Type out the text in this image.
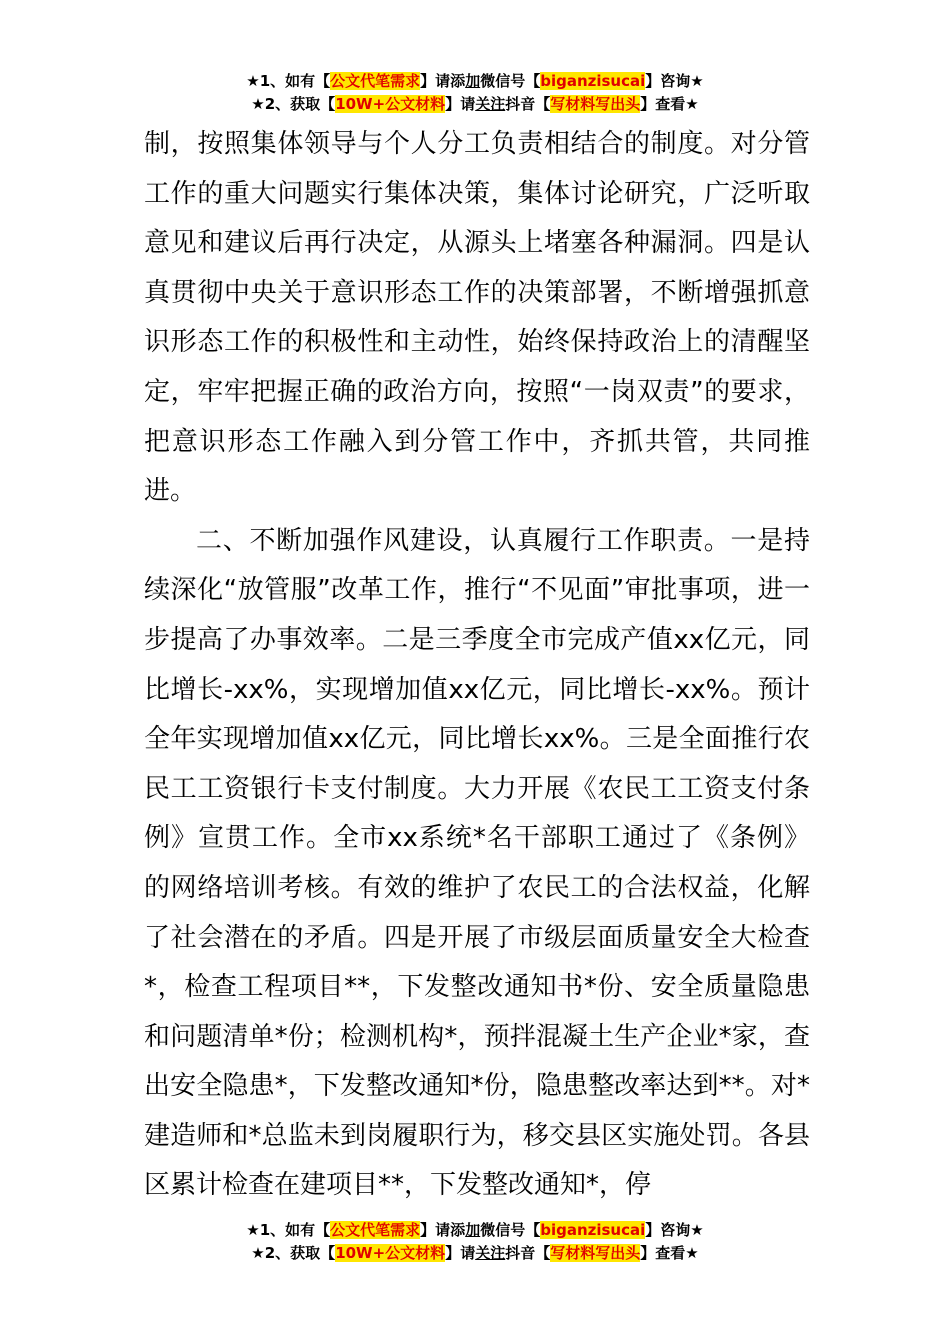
★1、如有【公文代笔需求】请添加微信号【biganzisucai】咨询★
★2、获取【10W+公文材料】请关注抖音【写材料写出头】查看★

制，按照集体领导与个人分工负责相结合的制度。对分管工作的重大问题实行集体决策，集体讨论研究，广泛听取意见和建议后再行决定，从源头上堵塞各种漏洞。四是认真贯彻中央关于意识形态工作的决策部署，不断增强抓意识形态工作的积极性和主动性，始终保持政治上的清醒坚定，牢牢把握正确的政治方向，按照“一岗双责”的要求，把意识形态工作融入到分管工作中，齐抓共管，共同推进。

二、不断加强作风建设，认真履行工作职责。一是持续深化“放管服”改革工作，推行“不见面”审批事项，进一步提高了办事效率。二是三季度全市完成产值xx亿元，同比增长-xx%，实现增加值xx亿元，同比增长-xx%。预计全年实现增加值xx亿元，同比增长xx%。三是全面推行农民工工资银行卡支付制度。大力开展《农民工工资支付条例》宣贯工作。全市xx系统*名干部职工通过了《条例》的网络培训考核。有效的维护了农民工的合法权益，化解了社会潜在的矛盾。四是开展了市级层面质量安全大检查*，检查工程项目**，下发整改通知书*份、安全质量隐患和问题清单*份；检测机构*，预拌混凝土生产企业*家，查出安全隐患*，下发整改通知*份，隐患整改率达到**。对*建造师和*总监未到岗履职行为，移交县区实施处罚。各县区累计检查在建项目**，下发整改通知*，停

★1、如有【公文代笔需求】请添加微信号【biganzisucai】咨询★
★2、获取【10W+公文材料】请关注抖音【写材料写出头】查看★
